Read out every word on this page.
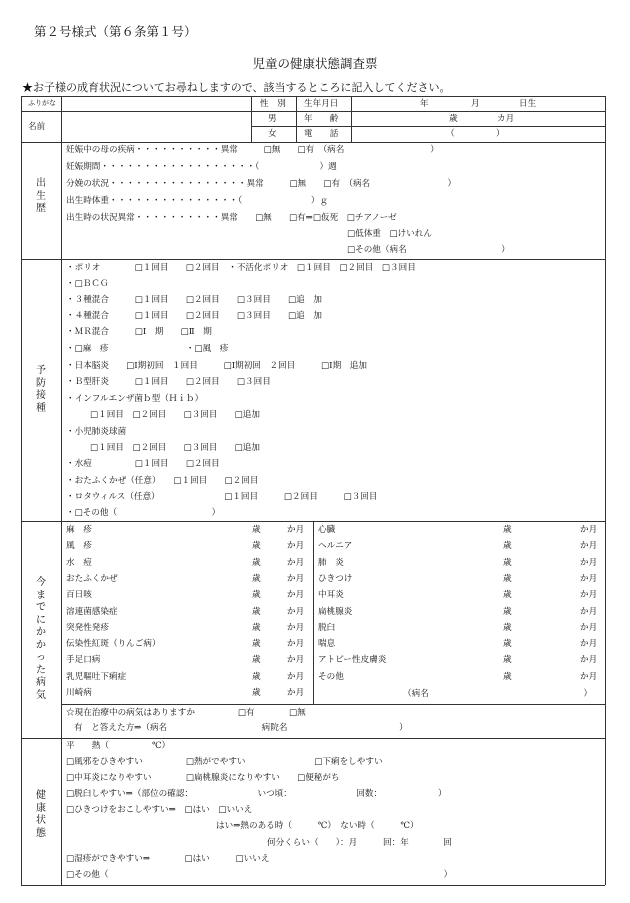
第２号様式（第６条第１号）
児童の健康状態調査票
★お子様の成育状況についてお尋ねしますので、該当するところに記入してください。
ふりがな
名前
性　別 生年月日	年	月	日生
男	年　　齢	歳	カ月
女	電　　話	（	）
出生歴
妊娠中の母の疾病・・・・・・・・・・異常　　　□無　　□有　（病名　　　　　　　　　　）
妊娠期間・・・・・・・・・・・・・・・・・・（　　　　　　　）週
分娩の状況・・・・・・・・・・・・・・・・異常　　　□無　　□有　（病名　　　　　　　　　）
出生時体重・・・・・・・・・・・・・・・（　　　　　　　　）ｇ
出生時の状況異常・・・・・・・・・・異常　　□無　　□有⇒□仮死　□チアノーゼ
□低体重　□けいれん
□その他（病名　　　　　　　　　　　）
予防接種
・ポリオ　　　　□１回目　　□２回目　・不活化ポリオ　□１回目　□２回目　□３回目
・□ＢＣＧ
・３種混合　　　□１回目　　□２回目　　□３回目　　□追　加
・４種混合　　　□１回目　　□２回目　　□３回目　　□追　加
・ＭＲ混合　　　□Ⅰ　期　　□Ⅱ　期
・□麻　疹　　　　　　　　　・□風　疹
・日本脳炎　　□Ⅰ期初回　１回目　　　□Ⅰ期初回　２回目　　　□Ⅰ期　追加
・Ｂ型肝炎　　　□１回目　　□２回目　　□３回目
・インフルエンザ菌ｂ型（Ｈｉｂ）
□１回目　□２回目　　□３回目　　□追加
・小児肺炎球菌
□１回目　□２回目　　□３回目　　□追加
・水痘　　　　　□１回目　　□２回目
・おたふくかぜ（任意）　　□１回目　　□２回目
・ロタウィルス（任意）　　　　　　　　□１回目　　　□２回目　　　□３回目
・□その他（　　　　　　　　　　　）
今までにかかった病気
麻　疹	歳	か月
風　疹	歳	か月
水　痘	歳	か月
おたふくかぜ	歳	か月
百日咳	歳	か月
溶連菌感染症	歳	か月
突発性発疹	歳	か月
伝染性紅斑（りんご病）	歳	か月
手足口病	歳	か月
乳児嘔吐下痢症	歳	か月
川崎病	歳	か月
心臓	歳	か月
ヘルニア	歳	か月
肺　炎	歳	か月
ひきつけ	歳	か月
中耳炎	歳	か月
扁桃腺炎	歳	か月
脱臼	歳	か月
喘息	歳	か月
アトピー性皮膚炎	歳	か月
その他	歳	か月
（病名　　　　　　　　　　　　　　　　　　）
☆現在治療中の病気はありますか　　　　　□有　　　　□無
有　と答えた方⇒（病名　　　　　　　　　　　病院名　　　　　　　　　　　　　）
健康状態
平　　熱（　　　　　℃）
□風邪をひきやすい　　　　　□熱がでやすい　　　　　　　　□下痢をしやすい
□中耳炎になりやすい　　　　□扁桃腺炎になりやすい　　□便秘がち
□脱臼しやすい⇒（部位の確認：　　　　　　　　いつ頃：　　　　　　　　回数：　　　　　　　）
□ひきつけをおこしやすい⇒　□はい　□いいえ
はい⇒熱のある時（　　　℃）　ない時（　　　℃）
何分くらい（　　）：月　　　回：年　　　　回
□湿疹ができやすい⇒　　　　□はい　　　□いいえ
□その他（　　　　　　　　　　　　　　　　　　　　　　　　　　　　　　　　　　　　　　　）
